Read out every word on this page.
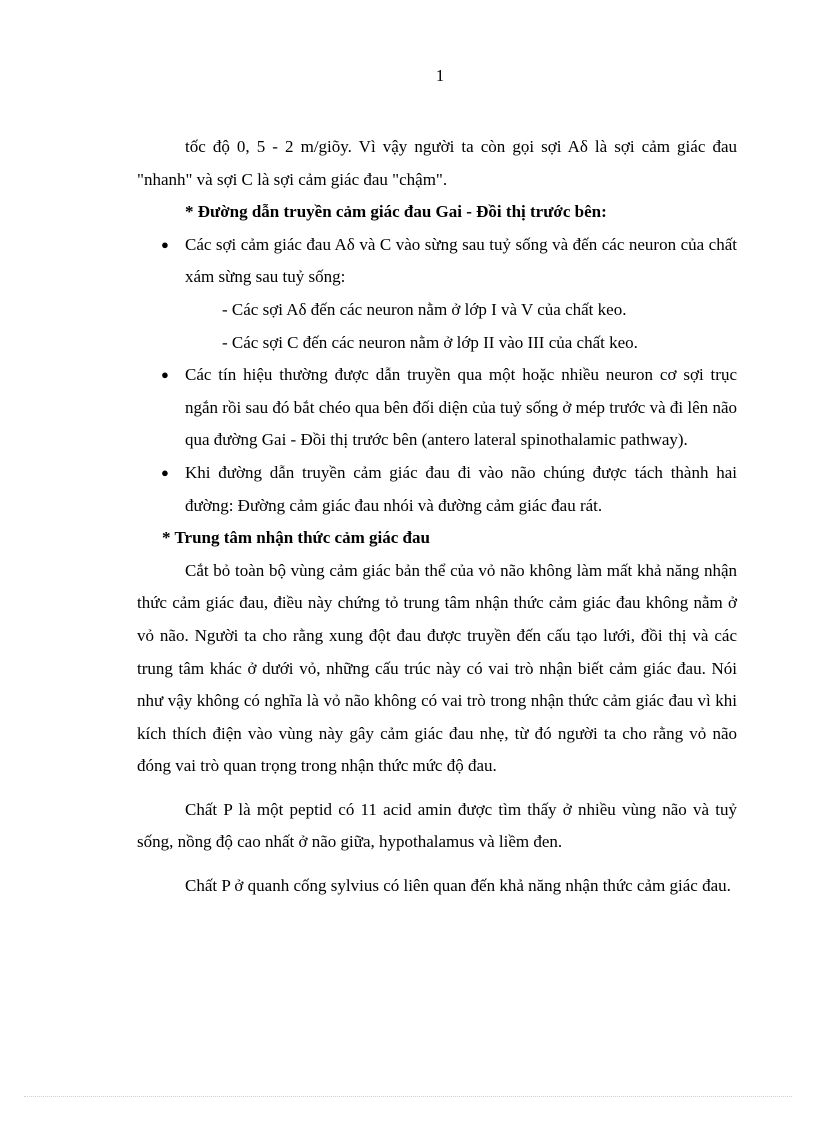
1

tốc độ 0, 5 - 2 m/giõy. Vì vậy người ta còn gọi sợi Aδ là sợi cảm giác đau "nhanh" và sợi C là sợi cảm giác đau "chậm".

* Đường dẫn truyền cảm giác đau Gai - Đồi thị trước bên:

● Các sợi cảm giác đau Aδ và C vào sừng sau tuỷ sống và đến các neuron của chất xám sừng sau tuỷ sống:
- Các sợi Aδ đến các neuron nằm ở lớp I và V của chất keo.
- Các sợi C đến các neuron nằm ở lớp II vào III của chất keo.
● Các tín hiệu thường được dẫn truyền qua một hoặc nhiều neuron cơ sợi trục ngắn rồi sau đó bắt chéo qua bên đối diện của tuỷ sống ở mép trước và đi lên não qua đường Gai - Đồi thị trước bên (antero lateral spinothalamic pathway).
● Khi đường dẫn truyền cảm giác đau đi vào não chúng được tách thành hai đường: Đường cảm giác đau nhói và đường cảm giác đau rát.

* Trung tâm nhận thức cảm giác đau

Cắt bỏ toàn bộ vùng cảm giác bản thể của vỏ não không làm mất khả năng nhận thức cảm giác đau, điều này chứng tỏ trung tâm nhận thức cảm giác đau không nằm ở vỏ não. Người ta cho rằng xung đột đau được truyền đến cấu tạo lưới, đồi thị và các trung tâm khác ở dưới vỏ, những cấu trúc này có vai trò nhận biết cảm giác đau. Nói như vậy không có nghĩa là vỏ não không có vai trò trong nhận thức cảm giác đau vì khi kích thích điện vào vùng này gây cảm giác đau nhẹ, từ đó người ta cho rằng vỏ não đóng vai trò quan trọng trong nhận thức mức độ đau.

Chất P là một peptid có 11 acid amin được tìm thấy ở nhiều vùng não và tuỷ sống, nồng độ cao nhất ở não giữa, hypothalamus và liềm đen.

Chất P ở quanh cống sylvius có liên quan đến khả năng nhận thức cảm giác đau.
